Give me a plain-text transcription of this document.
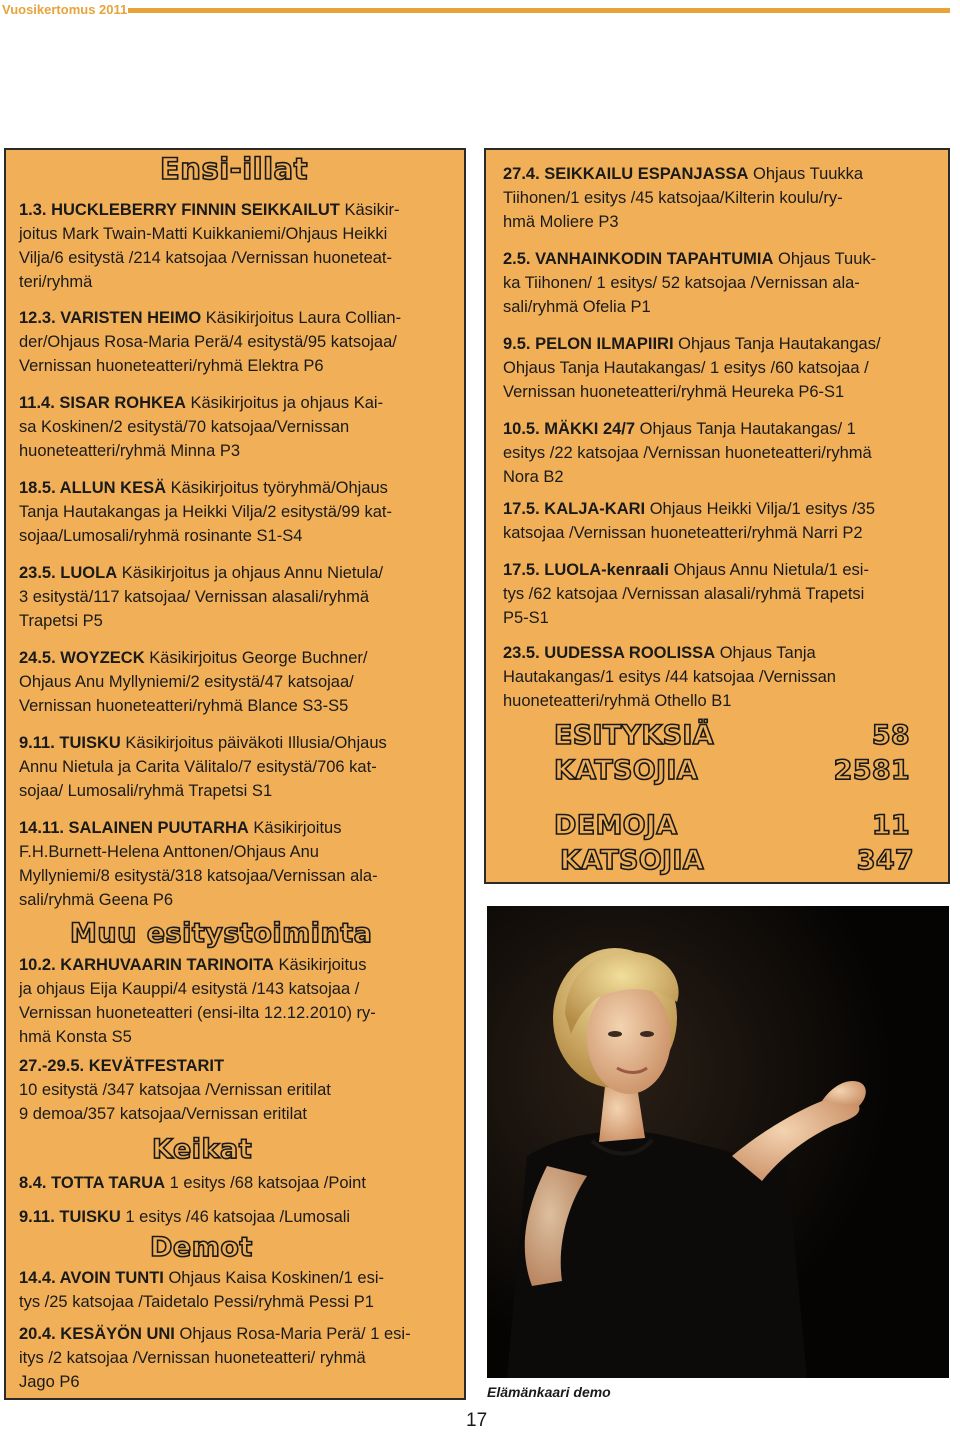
Vuosikertomus 2011
Ensi-illat
Muu esitystoiminta
Keikat
Demot

1.3. HUCKLEBERRY FINNIN SEIKKAILUT Käsikir-
joitus Mark Twain-Matti Kuikkaniemi/Ohjaus Heikki
Vilja/6 esitystä /214 katsojaa /Vernissan huoneteat-
teri/ryhmä

12.3. VARISTEN HEIMO Käsikirjoitus Laura Collian-
der/Ohjaus Rosa-Maria Perä/4 esitystä/95 katsojaa/
Vernissan huoneteatteri/ryhmä Elektra P6

11.4. SISAR ROHKEA Käsikirjoitus ja ohjaus Kai-
sa Koskinen/2 esitystä/70 katsojaa/Vernissan
huoneteatteri/ryhmä Minna P3

18.5. ALLUN KESÄ Käsikirjoitus työryhmä/Ohjaus
Tanja Hautakangas ja Heikki Vilja/2 esitystä/99 kat-
sojaa/Lumosali/ryhmä rosinante S1-S4

23.5. LUOLA Käsikirjoitus ja ohjaus Annu Nietula/
3 esitystä/117 katsojaa/ Vernissan alasali/ryhmä
Trapetsi P5

24.5. WOYZECK Käsikirjoitus George Buchner/
Ohjaus Anu Myllyniemi/2 esitystä/47 katsojaa/
Vernissan huoneteatteri/ryhmä Blance S3-S5

9.11. TUISKU Käsikirjoitus päiväkoti Illusia/Ohjaus
Annu Nietula ja Carita Välitalo/7 esitystä/706 kat-
sojaa/ Lumosali/ryhmä Trapetsi S1

14.11. SALAINEN PUUTARHA Käsikirjoitus
F.H.Burnett-Helena Anttonen/Ohjaus Anu
Myllyniemi/8 esitystä/318 katsojaa/Vernissan ala-
sali/ryhmä Geena P6

10.2. KARHUVAARIN TARINOITA Käsikirjoitus
ja ohjaus Eija Kauppi/4 esitystä /143 katsojaa /
Vernissan huoneteatteri (ensi-ilta 12.12.2010) ry-
hmä Konsta S5

27.-29.5. KEVÄTFESTARIT
10 esitystä /347 katsojaa /Vernissan eritilat
9 demoa/357 katsojaa/Vernissan eritilat

8.4. TOTTA TARUA 1 esitys /68 katsojaa /Point

9.11. TUISKU 1 esitys /46 katsojaa /Lumosali

14.4. AVOIN TUNTI Ohjaus Kaisa Koskinen/1 esi-
tys /25 katsojaa /Taidetalo Pessi/ryhmä Pessi P1

20.4. KESÄYÖN UNI Ohjaus Rosa-Maria Perä/ 1 esi-
itys /2 katsojaa /Vernissan huoneteatteri/ ryhmä
Jago P6

27.4. SEIKKAILU ESPANJASSA Ohjaus Tuukka
Tiihonen/1 esitys /45 katsojaa/Kilterin koulu/ry-
hmä Moliere P3

2.5. VANHAINKODIN TAPAHTUMIA Ohjaus Tuuk-
ka Tiihonen/ 1 esitys/ 52 katsojaa /Vernissan ala-
sali/ryhmä Ofelia P1

9.5. PELON ILMAPIIRI Ohjaus Tanja Hautakangas/
Ohjaus Tanja Hautakangas/ 1 esitys /60 katsojaa /
Vernissan huoneteatteri/ryhmä Heureka P6-S1

10.5. MÄKKI 24/7 Ohjaus Tanja Hautakangas/ 1
esitys /22 katsojaa /Vernissan huoneteatteri/ryhmä
Nora B2

17.5. KALJA-KARI Ohjaus Heikki Vilja/1 esitys /35
katsojaa /Vernissan huoneteatteri/ryhmä Narri P2

17.5. LUOLA-kenraali Ohjaus Annu Nietula/1 esi-
tys /62 katsojaa /Vernissan alasali/ryhmä Trapetsi
P5-S1

23.5. UUDESSA ROOLISSA Ohjaus Tanja
Hautakangas/1 esitys /44 katsojaa /Vernissan
huoneteatteri/ryhmä Othello B1

ESITYKSIÄ	58
KATSOJIA	2581
DEMOJA	11
KATSOJIA	347
Elämänkaari demo
17
